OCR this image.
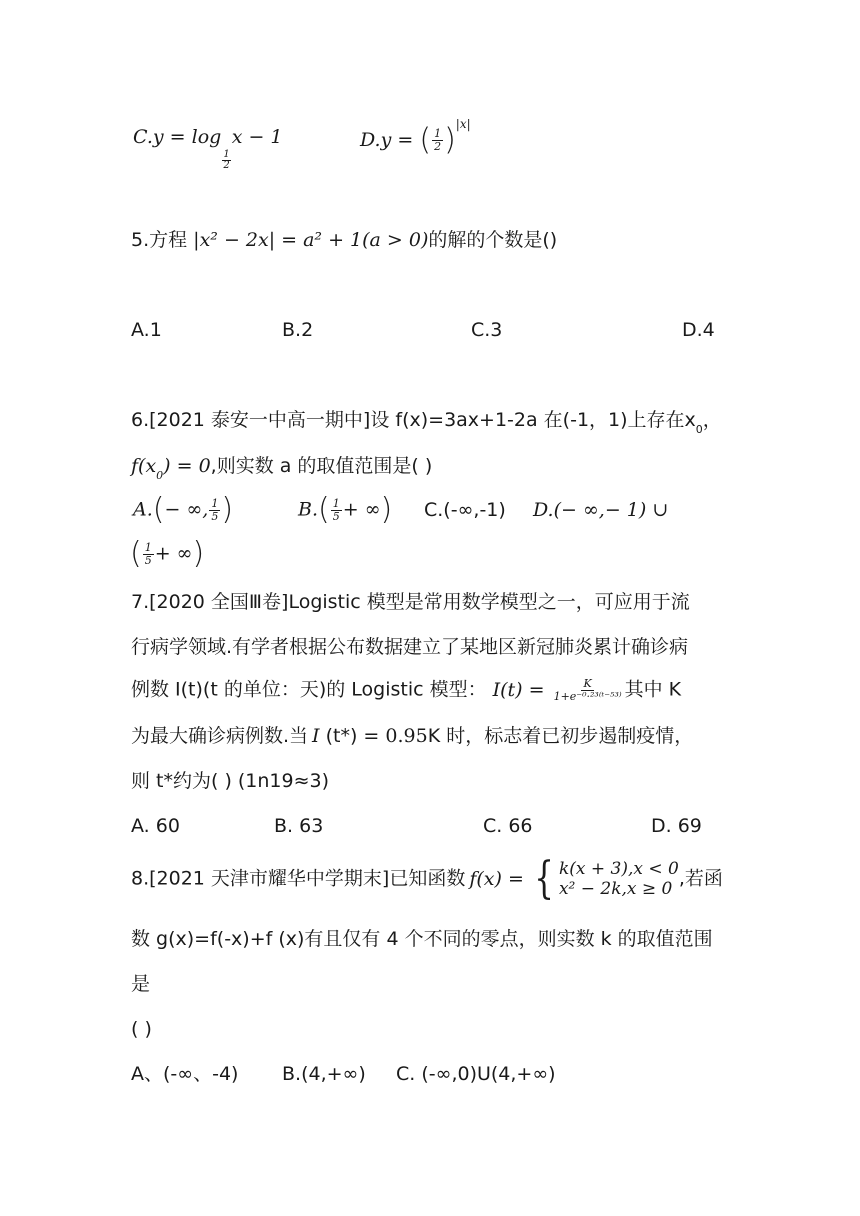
C.y = log
$\frac{1}{2}$
x − 1	D.y = ( $\frac{1}{2} )^{|x|}$
5.方程 |x² − 2x| = a² + 1(a > 0)的解的个数是()
A.1	B.2	C.3	D.4
6.[2021 泰安一中高一期中]设 f(x)=3ax+1-2a 在(-1，1)上存在$x_0$，
$f(x_0) = 0$,则实数 a 的取值范围是( )
A.(− ∞, $\frac{1}{5}$ )	$B.( \frac{1}{5}$ + ∞) C.(-∞,-1) D.(− ∞,− 1) ∪
( $\frac{1}{5}$ + ∞)
7.[2020 全国Ⅲ卷]Logistic 模型是常用数学模型之一，可应用于流
行病学领域.有学者根据公布数据建立了某地区新冠肺炎累计确诊病
例数 I(t)(t 的单位：天)的 Logistic 模型： $I(t) = \frac{K}{\text{1+e⁻⁰·²³⁽ᵗ⁻⁵³⁾}}$ 其中 K
为最大确诊病例数.当 I (t*) = 0.95K 时，标志着已初步遏制疫情，
则 t*约为( ) (1n19≈3)
A. 60	B. 63	C. 66	D. 69
8.[2021 天津市耀华中学期末]已知函数 f(x) = { k(x + 3),x < 0
x² − 2k,x ≥ 0 ,若函
数 g(x)=f(-x)+f (x)有且仅有 4 个不同的零点，则实数 k 的取值范围
是
( )
A、(-∞、-4) B.(4,+∞) C. (-∞,0)U(4,+∞)
